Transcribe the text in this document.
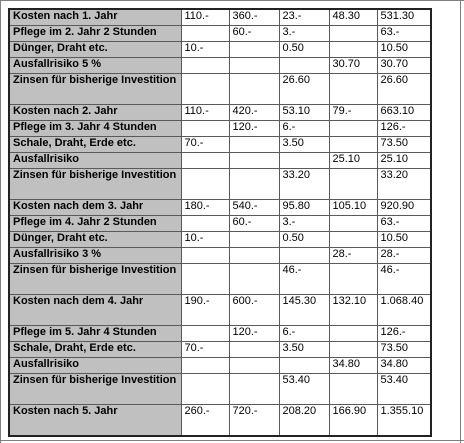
Kosten nach 1. Jahr	110.-	360.-	23.-	48.30	531.30
Pflege im 2. Jahr 2 Stunden		60.-	3.-		63.-
Dünger, Draht etc.	10.-		0.50		10.50
Ausfallrisiko 5 %				30.70	30.70
Zinsen für bisherige Investition			26.60		26.60
Kosten nach 2. Jahr	110.-	420.-	53.10	79.-	663.10
Pflege im 3. Jahr 4 Stunden		120.-	6.-		126.-
Schale, Draht, Erde etc.	70.-		3.50		73.50
Ausfallrisiko				25.10	25.10
Zinsen für bisherige Investition			33.20		33.20
Kosten nach dem 3. Jahr	180.-	540.-	95.80	105.10	920.90
Pflege im 4. Jahr 2 Stunden		60.-	3.-		63.-
Dünger, Draht etc.	10.-		0.50		10.50
Ausfallrisiko 3 %				28.-	28.-
Zinsen für bisherige Investition			46.-		46.-
Kosten nach dem 4. Jahr	190.-	600.-	145.30	132.10	1.068.40
Pflege im 5. Jahr 4 Stunden		120.-	6.-		126.-
Schale, Draht, Erde etc.	70.-		3.50		73.50
Ausfallrisiko				34.80	34.80
Zinsen für bisherige Investition			53.40		53.40
Kosten nach 5. Jahr	260.-	720.-	208.20	166.90	1.355.10
